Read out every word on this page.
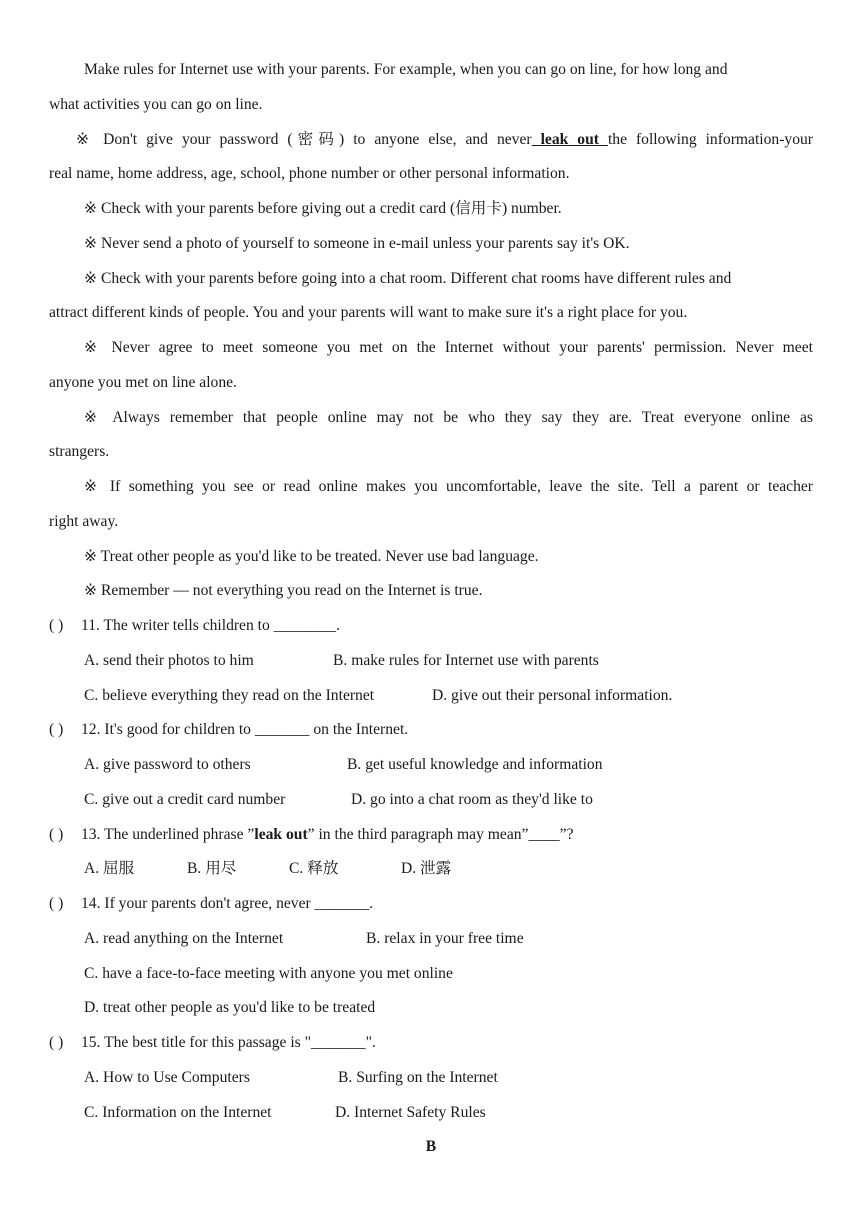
Make rules for Internet use with your parents. For example, when you can go on line, for how long and
what activities you can go on line.
※ Don't give your password (密码) to anyone else, and never leak out the following information-your
real name, home address, age, school, phone number or other personal information.
※ Check with your parents before giving out a credit card (信用卡) number.
※ Never send a photo of yourself to someone in e-mail unless your parents say it's OK.
※ Check with your parents before going into a chat room. Different chat rooms have different rules and
attract different kinds of people. You and your parents will want to make sure it's a right place for you.
※ Never agree to meet someone you met on the Internet without your parents' permission. Never meet
anyone you met on line alone.
※ Always remember that people online may not be who they say they are. Treat everyone online as
strangers.
※ If something you see or read online makes you uncomfortable, leave the site. Tell a parent or teacher
right away.
※ Treat other people as you'd like to be treated. Never use bad language.
※ Remember — not everything you read on the Internet is true.
( ) 11. The writer tells children to ________.
A. send their photos to him	B. make rules for Internet use with parents
C. believe everything they read on the Internet	D. give out their personal information.
( ) 12. It's good for children to _______ on the Internet.
A. give password to others	B. get useful knowledge and information
C. give out a credit card number	D. go into a chat room as they'd like to
( ) 13. The underlined phrase ”leak out” in the third paragraph may mean”____”?
A. 屈服	B. 用尽	C. 释放	D. 泄露
( ) 14. If your parents don't agree, never _______.
A. read anything on the Internet	B. relax in your free time
C. have a face-to-face meeting with anyone you met online
D. treat other people as you'd like to be treated
( ) 15. The best title for this passage is "_______".
A. How to Use Computers	B. Surfing on the Internet
C. Information on the Internet	D. Internet Safety Rules
B
